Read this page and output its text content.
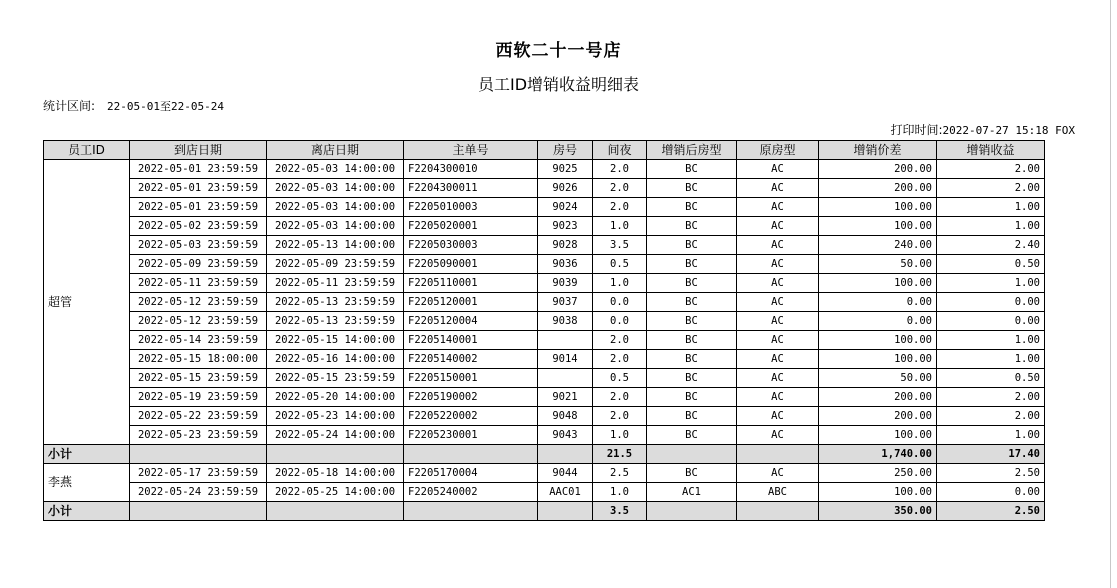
西软二十一号店
员工ID增销收益明细表
统计区间: 22-05-01至22-05-24
打印时间:2022-07-27 15:18 FOX
员工ID	到店日期	离店日期	主单号	房号	间夜	增销后房型	原房型	增销价差	增销收益
超管	2022-05-01 23:59:59	2022-05-03 14:00:00	F2204300010	9025	2.0	BC	AC	200.00	2.00
	2022-05-01 23:59:59	2022-05-03 14:00:00	F2204300011	9026	2.0	BC	AC	200.00	2.00
	2022-05-01 23:59:59	2022-05-03 14:00:00	F2205010003	9024	2.0	BC	AC	100.00	1.00
	2022-05-02 23:59:59	2022-05-03 14:00:00	F2205020001	9023	1.0	BC	AC	100.00	1.00
	2022-05-03 23:59:59	2022-05-13 14:00:00	F2205030003	9028	3.5	BC	AC	240.00	2.40
	2022-05-09 23:59:59	2022-05-09 23:59:59	F2205090001	9036	0.5	BC	AC	50.00	0.50
	2022-05-11 23:59:59	2022-05-11 23:59:59	F2205110001	9039	1.0	BC	AC	100.00	1.00
	2022-05-12 23:59:59	2022-05-13 23:59:59	F2205120001	9037	0.0	BC	AC	0.00	0.00
	2022-05-12 23:59:59	2022-05-13 23:59:59	F2205120004	9038	0.0	BC	AC	0.00	0.00
	2022-05-14 23:59:59	2022-05-15 14:00:00	F2205140001		2.0	BC	AC	100.00	1.00
	2022-05-15 18:00:00	2022-05-16 14:00:00	F2205140002	9014	2.0	BC	AC	100.00	1.00
	2022-05-15 23:59:59	2022-05-15 23:59:59	F2205150001		0.5	BC	AC	50.00	0.50
	2022-05-19 23:59:59	2022-05-20 14:00:00	F2205190002	9021	2.0	BC	AC	200.00	2.00
	2022-05-22 23:59:59	2022-05-23 14:00:00	F2205220002	9048	2.0	BC	AC	200.00	2.00
	2022-05-23 23:59:59	2022-05-24 14:00:00	F2205230001	9043	1.0	BC	AC	100.00	1.00
小计					21.5			1,740.00	17.40
李燕	2022-05-17 23:59:59	2022-05-18 14:00:00	F2205170004	9044	2.5	BC	AC	250.00	2.50
	2022-05-24 23:59:59	2022-05-25 14:00:00	F2205240002	AAC01	1.0	AC1	ABC	100.00	0.00
小计					3.5			350.00	2.50
